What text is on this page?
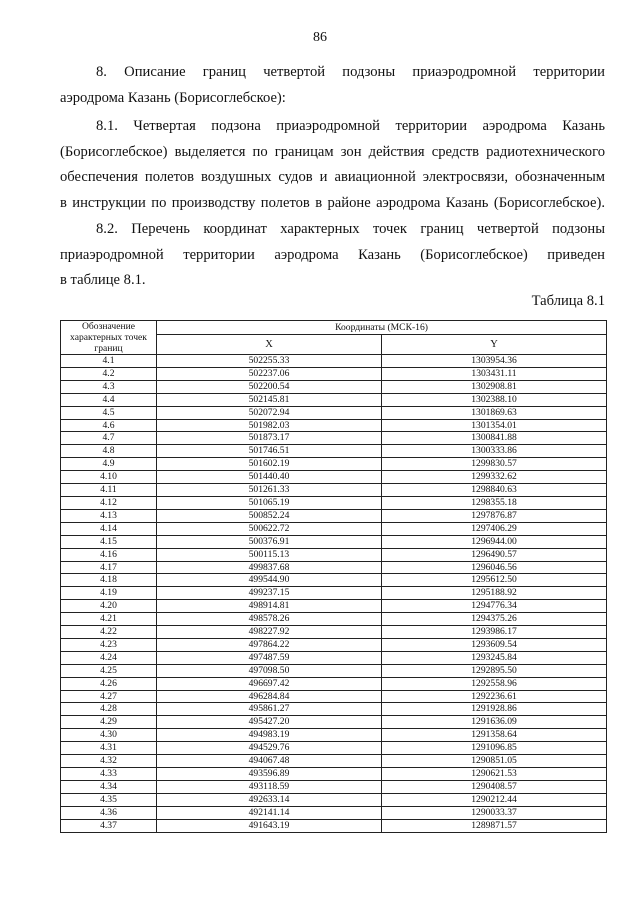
86
8. Описание границ четвертой подзоны приаэродромной территории
аэродрома Казань (Борисоглебское):
8.1. Четвертая подзона приаэродромной территории аэродрома Казань
(Борисоглебское) выделяется по границам зон действия средств радиотехнического
обеспечения полетов воздушных судов и авиационной электросвязи, обозначенным
в инструкции по производству полетов в районе аэродрома Казань (Борисоглебское).
8.2. Перечень координат характерных точек границ четвертой подзоны
приаэродромной территории аэродрома Казань (Борисоглебское) приведен
в таблице 8.1.
Таблица 8.1
Обозначение характерных точек границ	Координаты (МСК-16)	
	X	Y
4.1	502255.33	1303954.36
4.2	502237.06	1303431.11
4.3	502200.54	1302908.81
4.4	502145.81	1302388.10
4.5	502072.94	1301869.63
4.6	501982.03	1301354.01
4.7	501873.17	1300841.88
4.8	501746.51	1300333.86
4.9	501602.19	1299830.57
4.10	501440.40	1299332.62
4.11	501261.33	1298840.63
4.12	501065.19	1298355.18
4.13	500852.24	1297876.87
4.14	500622.72	1297406.29
4.15	500376.91	1296944.00
4.16	500115.13	1296490.57
4.17	499837.68	1296046.56
4.18	499544.90	1295612.50
4.19	499237.15	1295188.92
4.20	498914.81	1294776.34
4.21	498578.26	1294375.26
4.22	498227.92	1293986.17
4.23	497864.22	1293609.54
4.24	497487.59	1293245.84
4.25	497098.50	1292895.50
4.26	496697.42	1292558.96
4.27	496284.84	1292236.61
4.28	495861.27	1291928.86
4.29	495427.20	1291636.09
4.30	494983.19	1291358.64
4.31	494529.76	1291096.85
4.32	494067.48	1290851.05
4.33	493596.89	1290621.53
4.34	493118.59	1290408.57
4.35	492633.14	1290212.44
4.36	492141.14	1290033.37
4.37	491643.19	1289871.57
